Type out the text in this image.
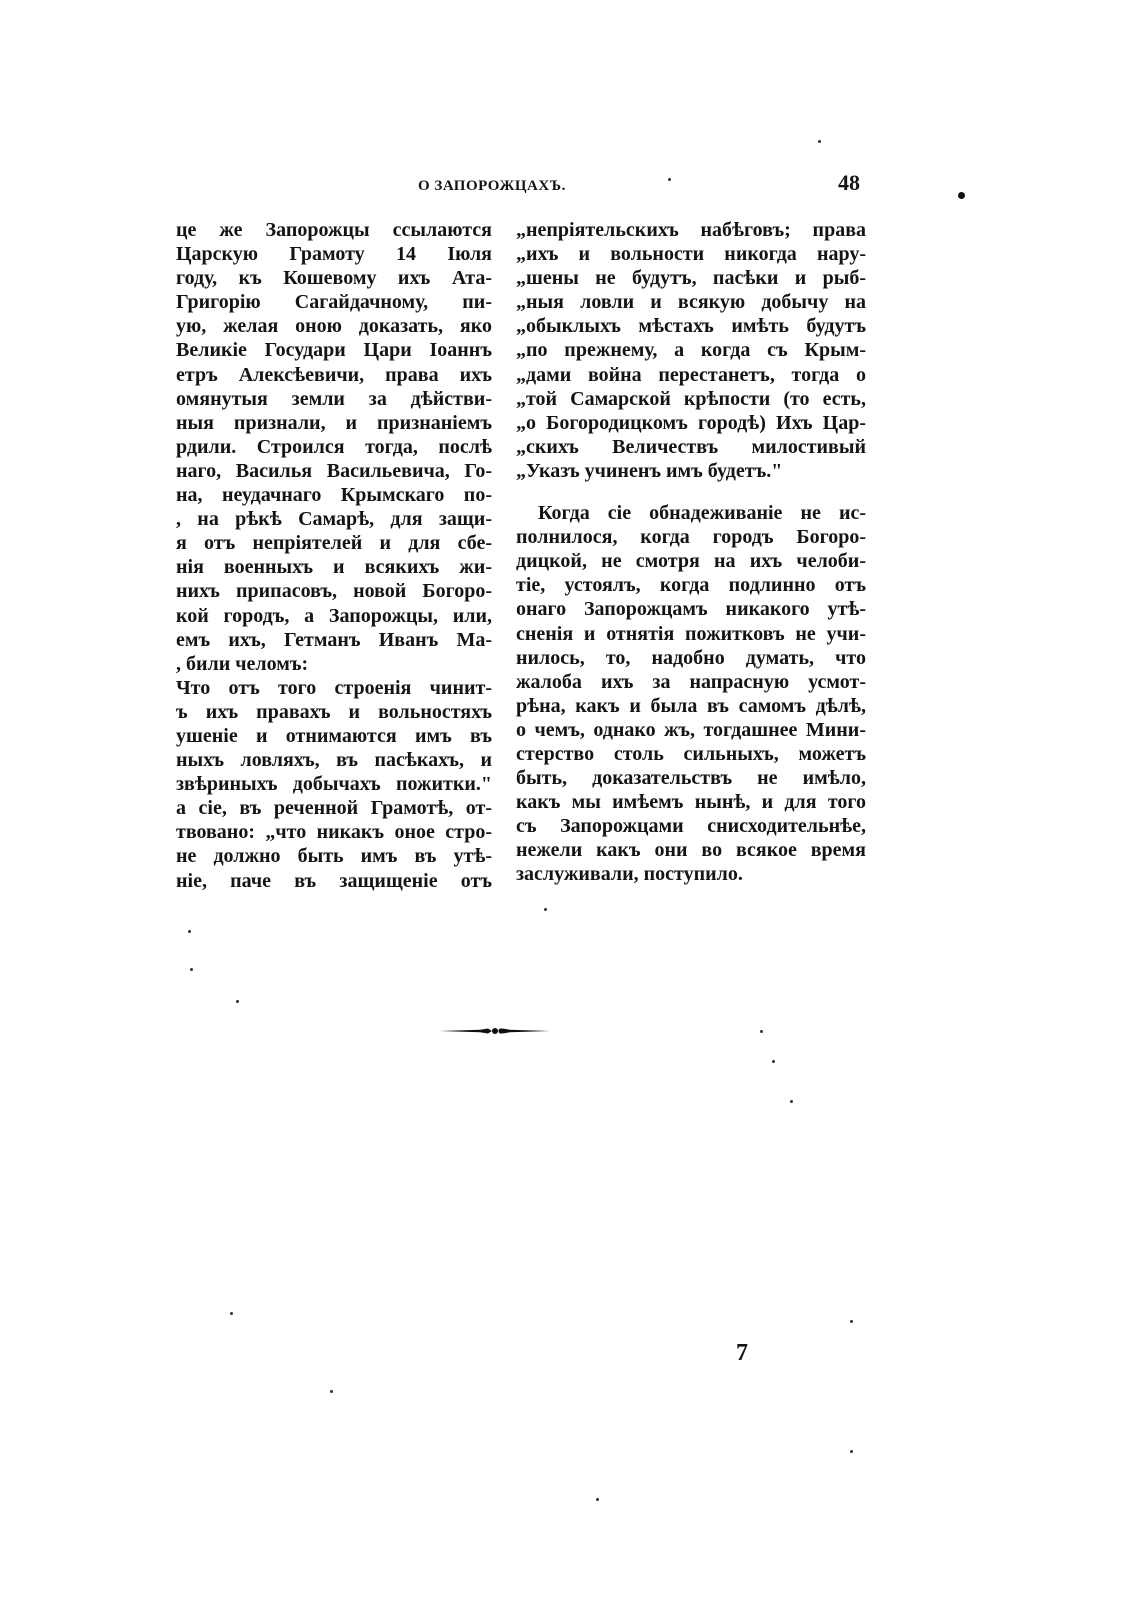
О ЗАПОРОЖЦАХЪ.	48
це же Запорожцы ссылаются
Царскую Грамоту 14 Іюля
году, къ Кошевому ихъ Ата-
Григорію Сагайдачному, пи-
ую, желая оною доказать, яко
Великіе Государи Цари Іоаннъ
етръ Алексѣевичи, права ихъ
омянутыя земли за дѣйстви-
ныя признали, и признаніемъ
рдили. Строился тогда, послѣ
наго, Василья Васильевича, Го-
на, неудачнаго Крымскаго по-
, на рѣкѣ Самарѣ, для защи-
я отъ непріятелей и для сбе-
нія военныхъ и всякихъ жи-
нихъ припасовъ, новой Богоро-
кой городъ, а Запорожцы, или,
емъ ихъ, Гетманъ Иванъ Ма-
, били челомъ:
Что отъ того строенія чинит-
ъ ихъ правахъ и вольностяхъ
ушеніе и отнимаются имъ въ
ныхъ ловляхъ, въ пасѣкахъ, и
звѣриныхъ добычахъ пожитки."
а сіе, въ реченной Грамотѣ, от-
твовано: „что никакъ оное стро-
не должно быть имъ въ утѣ-
ніе, паче въ защищеніе отъ
„непріятельскихъ набѣговъ; права
„ихъ и вольности никогда нару-
„шены не будутъ, пасѣки и рыб-
„ныя ловли и всякую добычу на
„обыклыхъ мѣстахъ имѣть будутъ
„по прежнему, а когда съ Крым-
„дами война перестанетъ, тогда о
„той Самарской крѣпости (то есть,
„о Богородицкомъ городѣ) Ихъ Цар-
„скихъ Величествъ милостивый
„Указъ учиненъ имъ будетъ."
Когда сіе обнадеживаніе не ис-
полнилося, когда городъ Богоро-
дицкой, не смотря на ихъ челоби-
тіе, устоялъ, когда подлинно отъ
онаго Запорожцамъ никакого утѣ-
сненія и отнятія пожитковъ не учи-
нилось, то, надобно думать, что
жалоба ихъ за напрасную усмот-
рѣна, какъ и была въ самомъ дѣлѣ,
о чемъ, однако жъ, тогдашнее Мини-
стерство столь сильныхъ, можетъ
быть, доказательствъ не имѣло,
какъ мы имѣемъ нынѣ, и для того
съ Запорожцами снисходительнѣе,
нежели какъ они во всякое время
заслуживали, поступило.
7
